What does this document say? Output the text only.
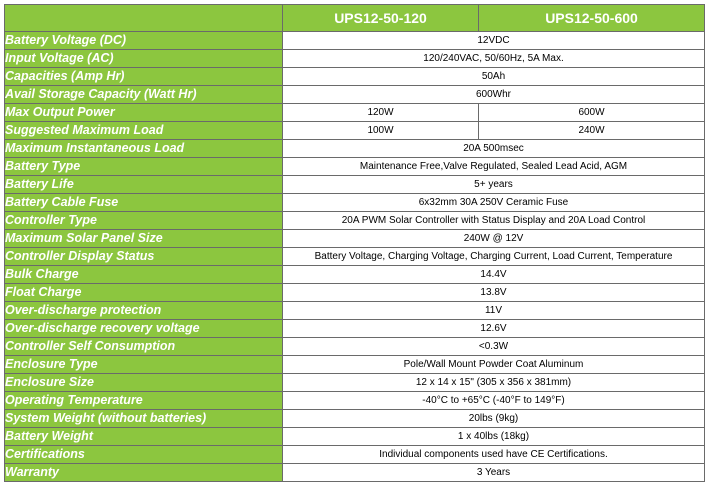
	UPS12-50-120	UPS12-50-600
Battery Voltage (DC)	12VDC	
Input Voltage (AC)	120/240VAC, 50/60Hz, 5A Max.	
Capacities (Amp Hr)	50Ah	
Avail Storage Capacity (Watt Hr)	600Whr	
Max Output Power	120W	600W
Suggested Maximum Load	100W	240W
Maximum Instantaneous Load	20A 500msec	
Battery Type	Maintenance Free,Valve Regulated, Sealed Lead Acid, AGM	
Battery Life	5+ years	
Battery Cable Fuse	6x32mm 30A 250V Ceramic Fuse	
Controller Type	20A PWM Solar Controller with Status Display and 20A Load Control	
Maximum Solar Panel Size	240W @ 12V	
Controller Display Status	Battery Voltage, Charging Voltage, Charging Current, Load Current, Temperature	
Bulk Charge	14.4V	
Float Charge	13.8V	
Over-discharge protection	11V	
Over-discharge recovery voltage	12.6V	
Controller Self Consumption	<0.3W	
Enclosure Type	Pole/Wall Mount Powder Coat Aluminum	
Enclosure Size	12 x 14 x 15" (305 x 356 x 381mm)	
Operating Temperature	-40°C to +65°C (-40°F to 149°F)	
System Weight (without batteries)	20lbs (9kg)	
Battery Weight	1 x 40lbs (18kg)	
Certifications	Individual components used have CE Certifications.	
Warranty	3 Years	
